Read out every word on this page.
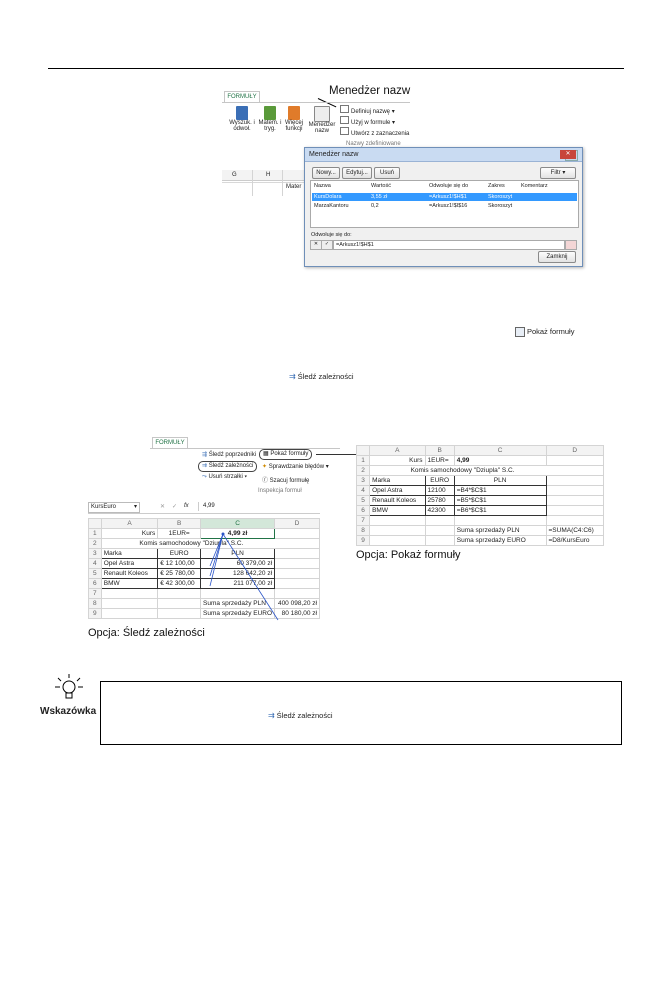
Menedżer nazw
FORMUŁY
Wyszuk. i
odwoł.
Matem. i
tryg.
Więcej
funkcji
Menedżer
nazw
Definiuj nazwę ▾
Użyj w formule ▾
Utwórz z zaznaczenia
Nazwy zdefiniowane
G	H
Mater
Menedżer nazw	✕
Nowy...	Edytuj...	Usuń	Filtr ▾
Nazwa	Wartość	Odwołuje się do	Zakres	Komentarz
KursDolara	3,55 zł	=Arkusz1!$H$1	Skoroszyt
MarzaKantoru	0,2	=Arkusz1!$I$16	Skoroszyt
Odwołuje się do:
✕	✓	=Arkusz1!$H$1
Zamknij
Pokaż formuły
⇉ Śledź zależności
FORMUŁY
⇶ Śledź poprzedniki	▦ Pokaż formuły
⇉ Śledź zależności	✦ Sprawdzanie błędów ▾
⤳ Usuń strzałki ▾
ⓕ Szacuj formułę
Inspekcja formuł
KursEuro	▾	✕ ✓ fx	4,99
	A	B	C	D
1	Kurs	1EUR=	4,99 zł	
2	Komis samochodowy "Dziupla" S.C.			
3	Marka	EURO	PLN	
4	Opel Astra	€ 12 100,00	60 379,00 zł	
5	Renault Koleos	€ 25 780,00	128 642,20 zł	
6	BMW	€ 42 300,00	211 077,00 zł	
7				
8			Suma sprzedaży PLN	400 098,20 zł
9			Suma sprzedaży EURO	80 180,00 zł
Opcja: Śledź zależności
	A	B	C	D
1	Kurs	1EUR=	4,99	
2	Komis samochodowy "Dziupla" S.C.			
3	Marka	EURO	PLN	
4	Opel Astra	12100	=B4*$C$1	
5	Renault Koleos	25780	=B5*$C$1	
6	BMW	42300	=B6*$C$1	
7				
8			Suma sprzedaży PLN	=SUMA(C4:C6)
9			Suma sprzedaży EURO	=D8/KursEuro
Opcja: Pokaż formuły
Wskazówka	⇉ Śledź zależności
